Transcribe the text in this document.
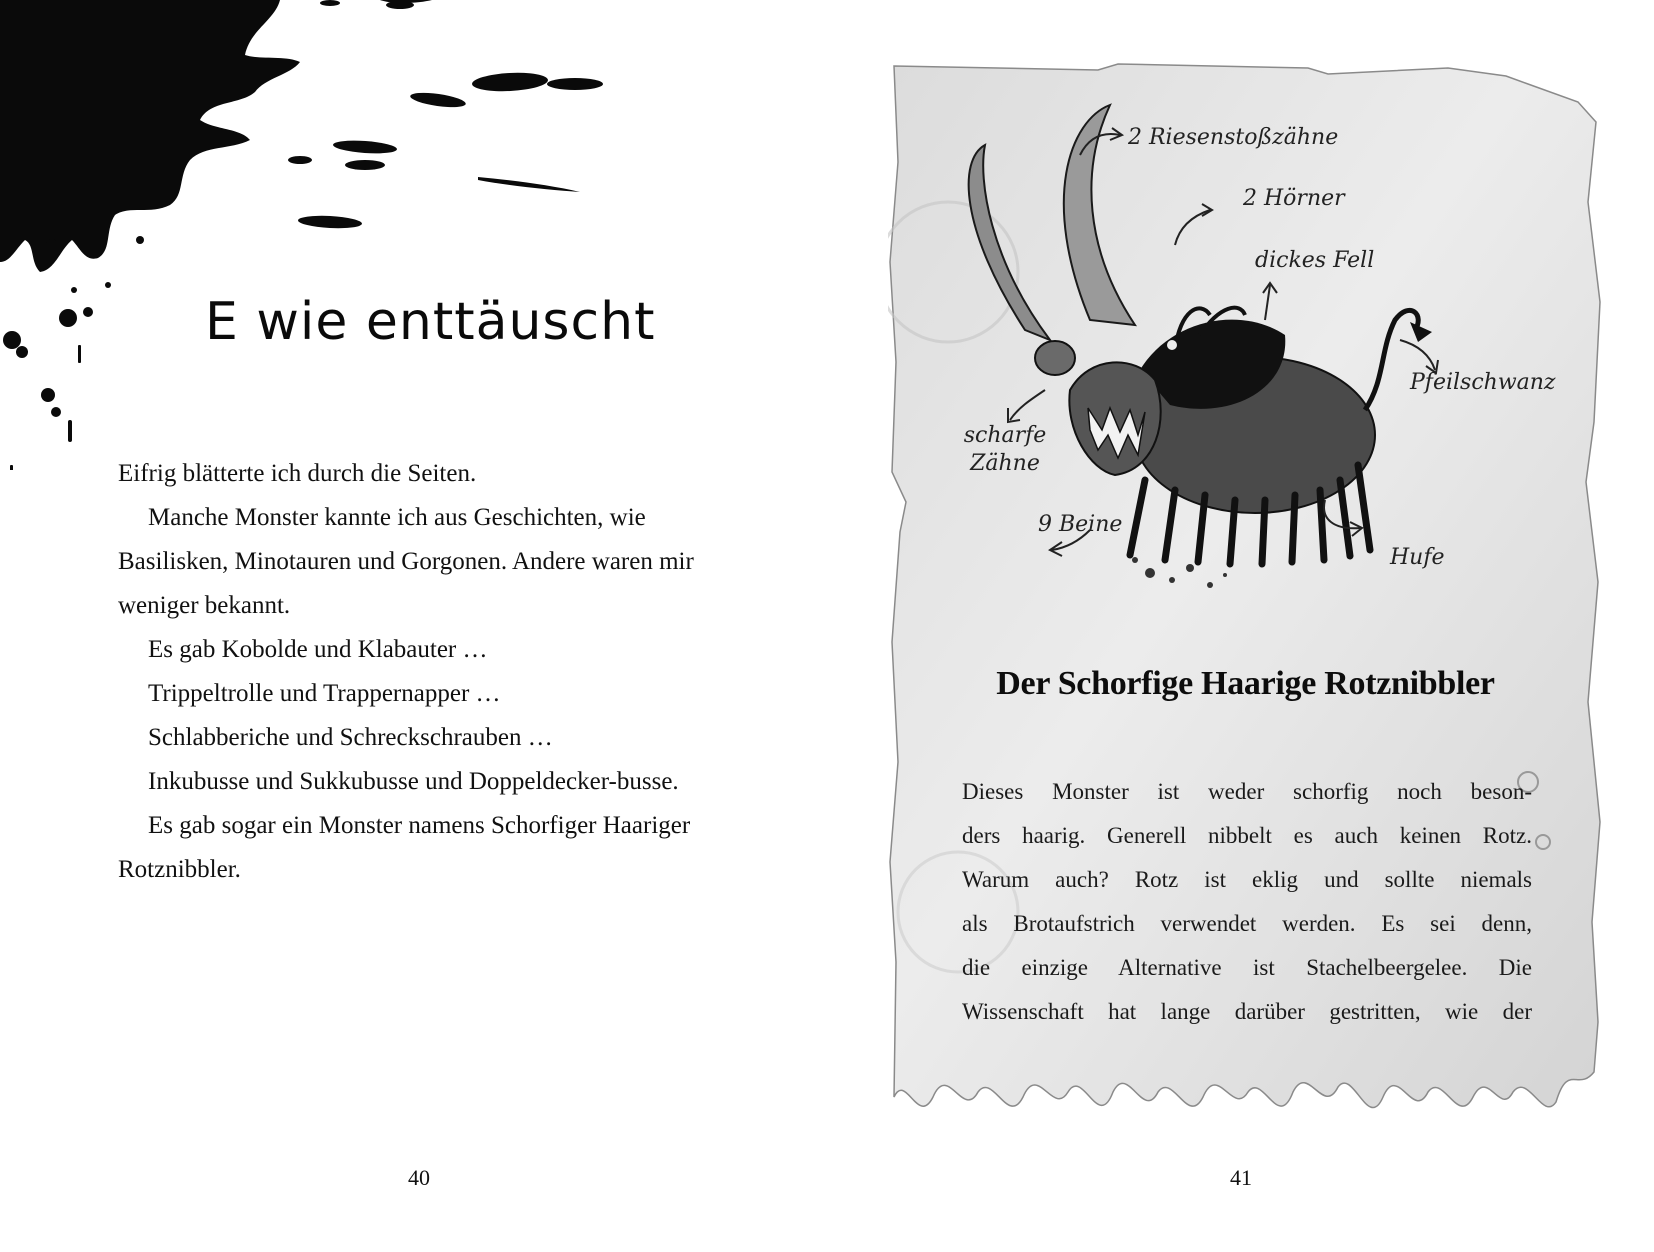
E wie enttäuscht

Eifrig blätterte ich durch die Seiten.

Manche Monster kannte ich aus Geschichten, wie Basilisken, Minotauren und Gorgonen. Andere waren mir weniger bekannt.

Es gab Kobolde und Klabauter …

Trippeltrolle und Trappernapper …

Schlabberiche und Schreckschrauben …

Inkubusse und Sukkubusse und Doppeldecker-busse.

Es gab sogar ein Monster namens Schorfiger Haariger Rotznibbler.

40
2 Riesenstoßzähne
2 Hörner
dickes Fell
Pfeilschwanz
scharfe
Zähne
9 Beine
Hufe
Der Schorfige Haarige Rotznibbler

Dieses Monster ist weder schorfig noch beson-

ders haarig. Generell nibbelt es auch keinen Rotz.

Warum auch? Rotz ist eklig und sollte niemals

als Brotaufstrich verwendet werden. Es sei denn,

die einzige Alternative ist Stachelbeergelee. Die

Wissenschaft hat lange darüber gestritten, wie der

41
